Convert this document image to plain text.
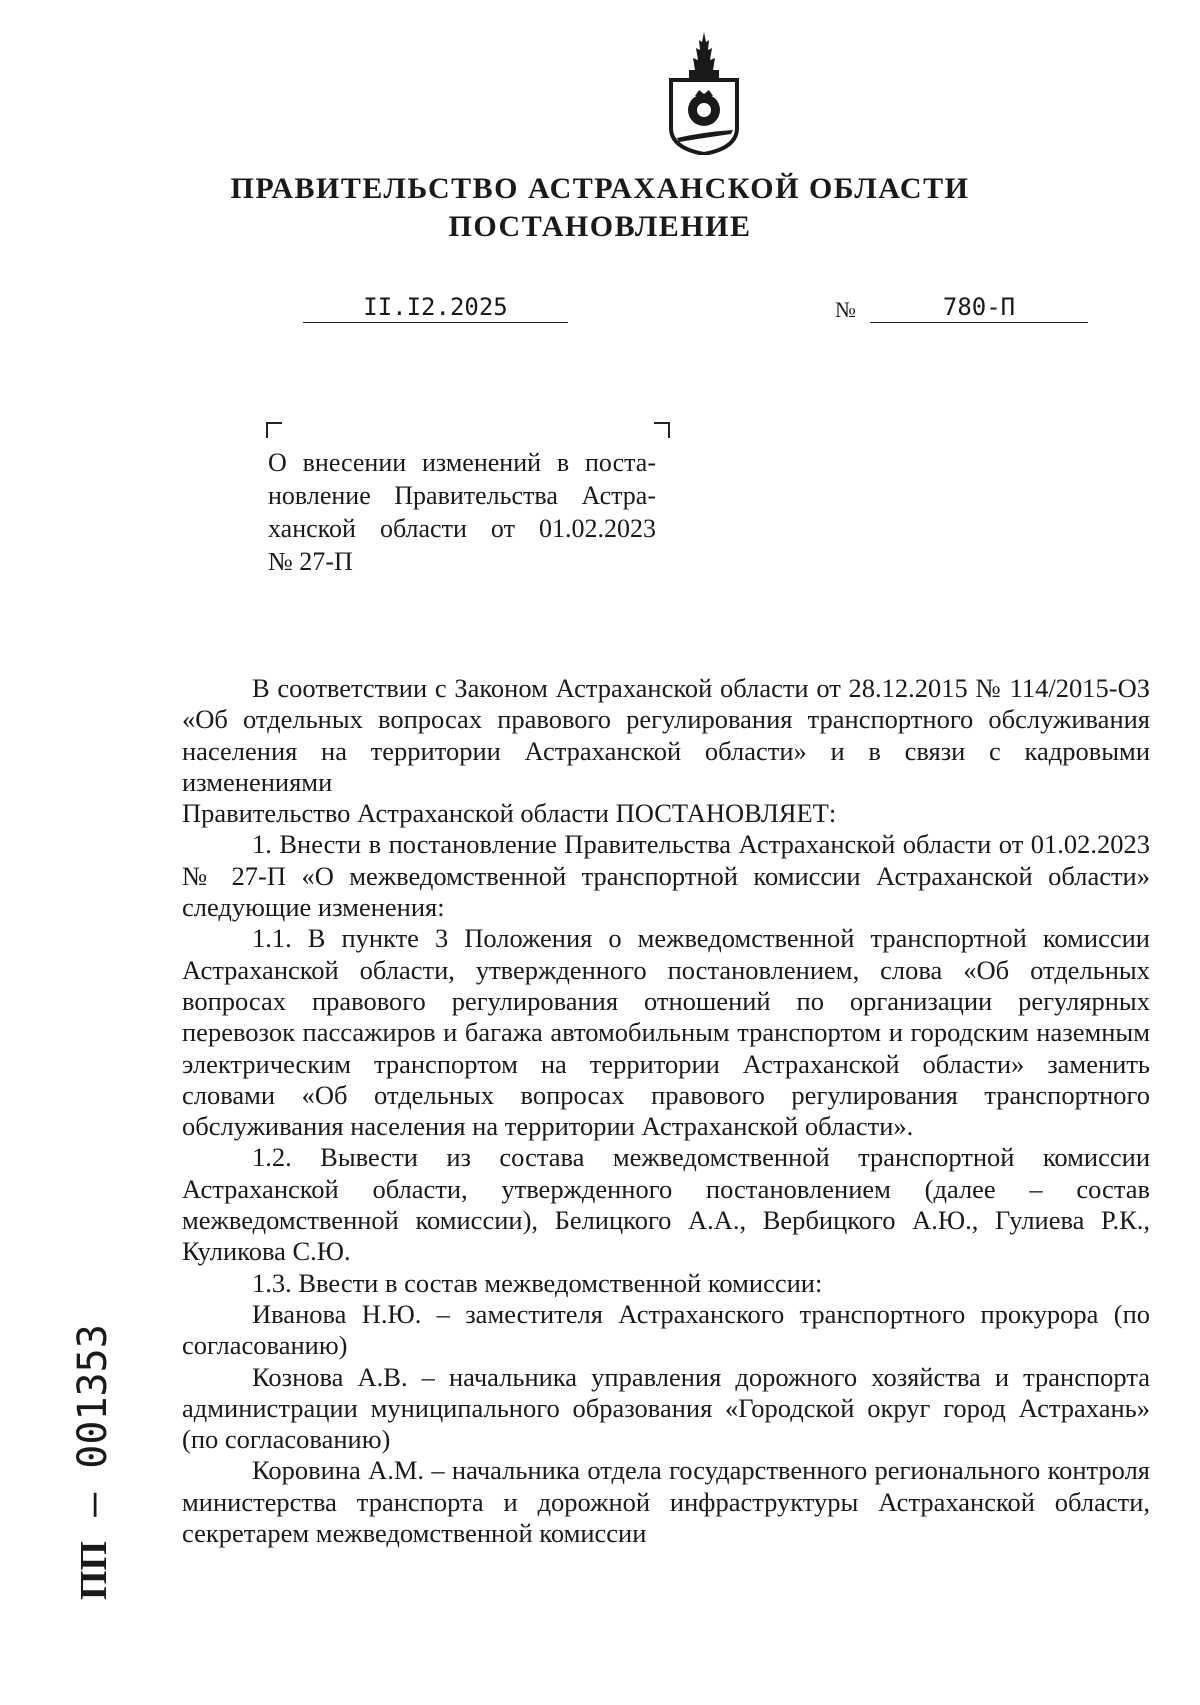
ПРАВИТЕЛЬСТВО АСТРАХАНСКОЙ ОБЛАСТИ
ПОСТАНОВЛЕНИЕ
II.I2.2025	№	780-П
О внесении изменений в поста-
новление Правительства Астра-
ханской области от 01.02.2023
№ 27-П

В соответствии с Законом Астраханской области от 28.12.2015 № 114/2015-ОЗ «Об отдельных вопросах правового регулирования транспортного обслуживания населения на территории Астраханской области» и в связи с кадровыми изменениями

Правительство Астраханской области ПОСТАНОВЛЯЕТ:

1. Внести в постановление Правительства Астраханской области от 01.02.2023 № 27-П «О межведомственной транспортной комиссии Астраханской области» следующие изменения:

1.1. В пункте 3 Положения о межведомственной транспортной комиссии Астраханской области, утвержденного постановлением, слова «Об отдельных вопросах правового регулирования отношений по организации регулярных перевозок пассажиров и багажа автомобильным транспортом и городским наземным электрическим транспортом на территории Астраханской области» заменить словами «Об отдельных вопросах правового регулирования транспортного обслуживания населения на территории Астраханской области».

1.2. Вывести из состава межведомственной транспортной комиссии Астраханской области, утвержденного постановлением (далее – состав межведомственной комиссии), Белицкого А.А., Вербицкого А.Ю., Гулиева Р.К., Куликова С.Ю.

1.3. Ввести в состав межведомственной комиссии:

Иванова Н.Ю. – заместителя Астраханского транспортного прокурора (по согласованию)

Кознова А.В. – начальника управления дорожного хозяйства и транспорта администрации муниципального образования «Городской округ город Астрахань» (по согласованию)

Коровина А.М. – начальника отдела государственного регионального контроля министерства транспорта и дорожной инфраструктуры Астраханской области, секретарем межведомственной комиссии

ПП– 001353
